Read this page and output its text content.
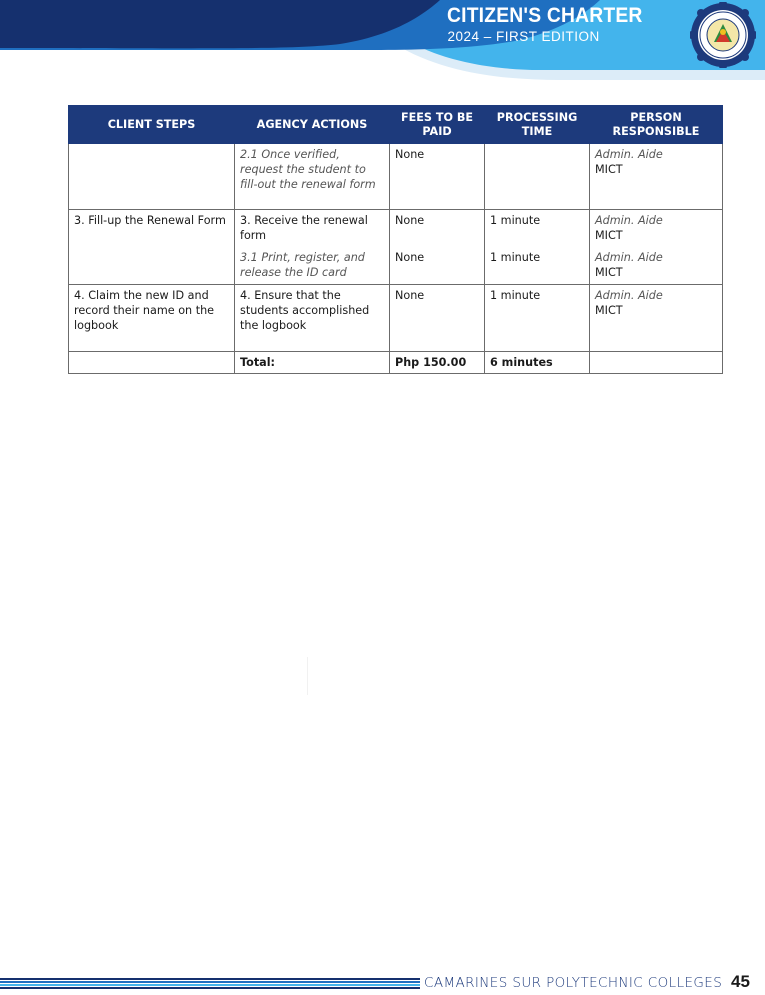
CITIZEN'S CHARTER
2024 – FIRST EDITION
CLIENT STEPS	AGENCY ACTIONS	FEES TO BE PAID	PROCESSING TIME	PERSON RESPONSIBLE
	2.1 Once verified, request the student to fill-out the renewal form	None		Admin. Aide
MICT
3. Fill-up the Renewal Form	3. Receive the renewal form	None	1 minute	Admin. Aide
MICT
	3.1 Print, register, and release the ID card	None	1 minute	Admin. Aide
MICT
4. Claim the new ID and record their name on the logbook	4. Ensure that the students accomplished the logbook	None	1 minute	Admin. Aide
MICT
	Total:	Php 150.00	6 minutes	
CAMARINES SUR POLYTECHNIC COLLEGES 45
